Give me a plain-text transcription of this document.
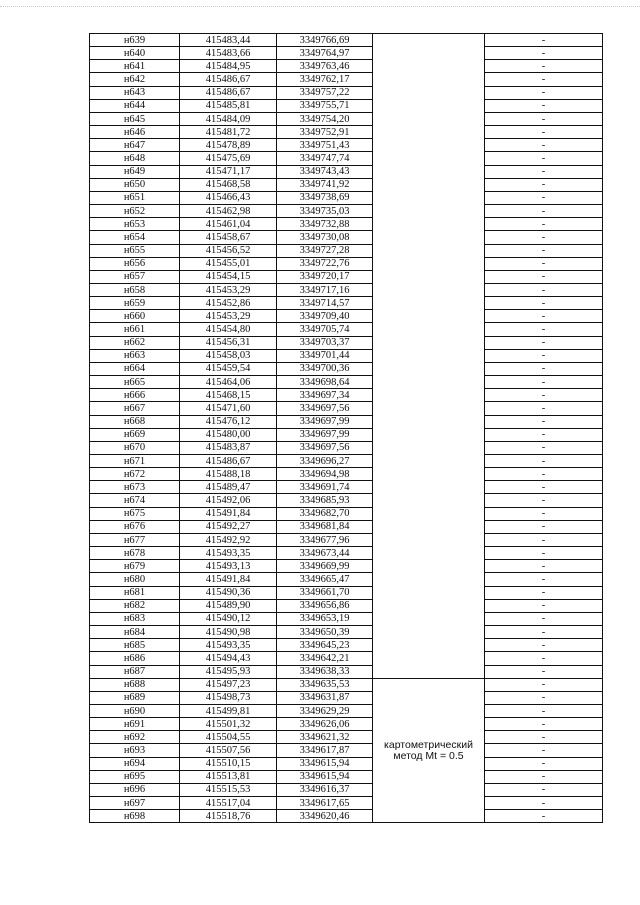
н639	415483,44	3349766,69		-
н640	415483,66	3349764,97		-
н641	415484,95	3349763,46		-
н642	415486,67	3349762,17		-
н643	415486,67	3349757,22		-
н644	415485,81	3349755,71		-
н645	415484,09	3349754,20		-
н646	415481,72	3349752,91		-
н647	415478,89	3349751,43		-
н648	415475,69	3349747,74		-
н649	415471,17	3349743,43		-
н650	415468,58	3349741,92		-
н651	415466,43	3349738,69		-
н652	415462,98	3349735,03		-
н653	415461,04	3349732,88		-
н654	415458,67	3349730,08		-
н655	415456,52	3349727,28		-
н656	415455,01	3349722,76		-
н657	415454,15	3349720,17		-
н658	415453,29	3349717,16		-
н659	415452,86	3349714,57		-
н660	415453,29	3349709,40		-
н661	415454,80	3349705,74		-
н662	415456,31	3349703,37		-
н663	415458,03	3349701,44		-
н664	415459,54	3349700,36		-
н665	415464,06	3349698,64		-
н666	415468,15	3349697,34		-
н667	415471,60	3349697,56		-
н668	415476,12	3349697,99		-
н669	415480,00	3349697,99		-
н670	415483,87	3349697,56		-
н671	415486,67	3349696,27		-
н672	415488,18	3349694,98		-
н673	415489,47	3349691,74		-
н674	415492,06	3349685,93		-
н675	415491,84	3349682,70		-
н676	415492,27	3349681,84		-
н677	415492,92	3349677,96		-
н678	415493,35	3349673,44		-
н679	415493,13	3349669,99		-
н680	415491,84	3349665,47		-
н681	415490,36	3349661,70		-
н682	415489,90	3349656,86		-
н683	415490,12	3349653,19		-
н684	415490,98	3349650,39		-
н685	415493,35	3349645,23		-
н686	415494,43	3349642,21		-
н687	415495,93	3349638,33		-
н688	415497,23	3349635,53	картометрический метод Mt = 0.5	-
н689	415498,73	3349631,87		-
н690	415499,81	3349629,29		-
н691	415501,32	3349626,06		-
н692	415504,55	3349621,32		-
н693	415507,56	3349617,87		-
н694	415510,15	3349615,94		-
н695	415513,81	3349615,94		-
н696	415515,53	3349616,37		-
н697	415517,04	3349617,65		-
н698	415518,76	3349620,46		-
